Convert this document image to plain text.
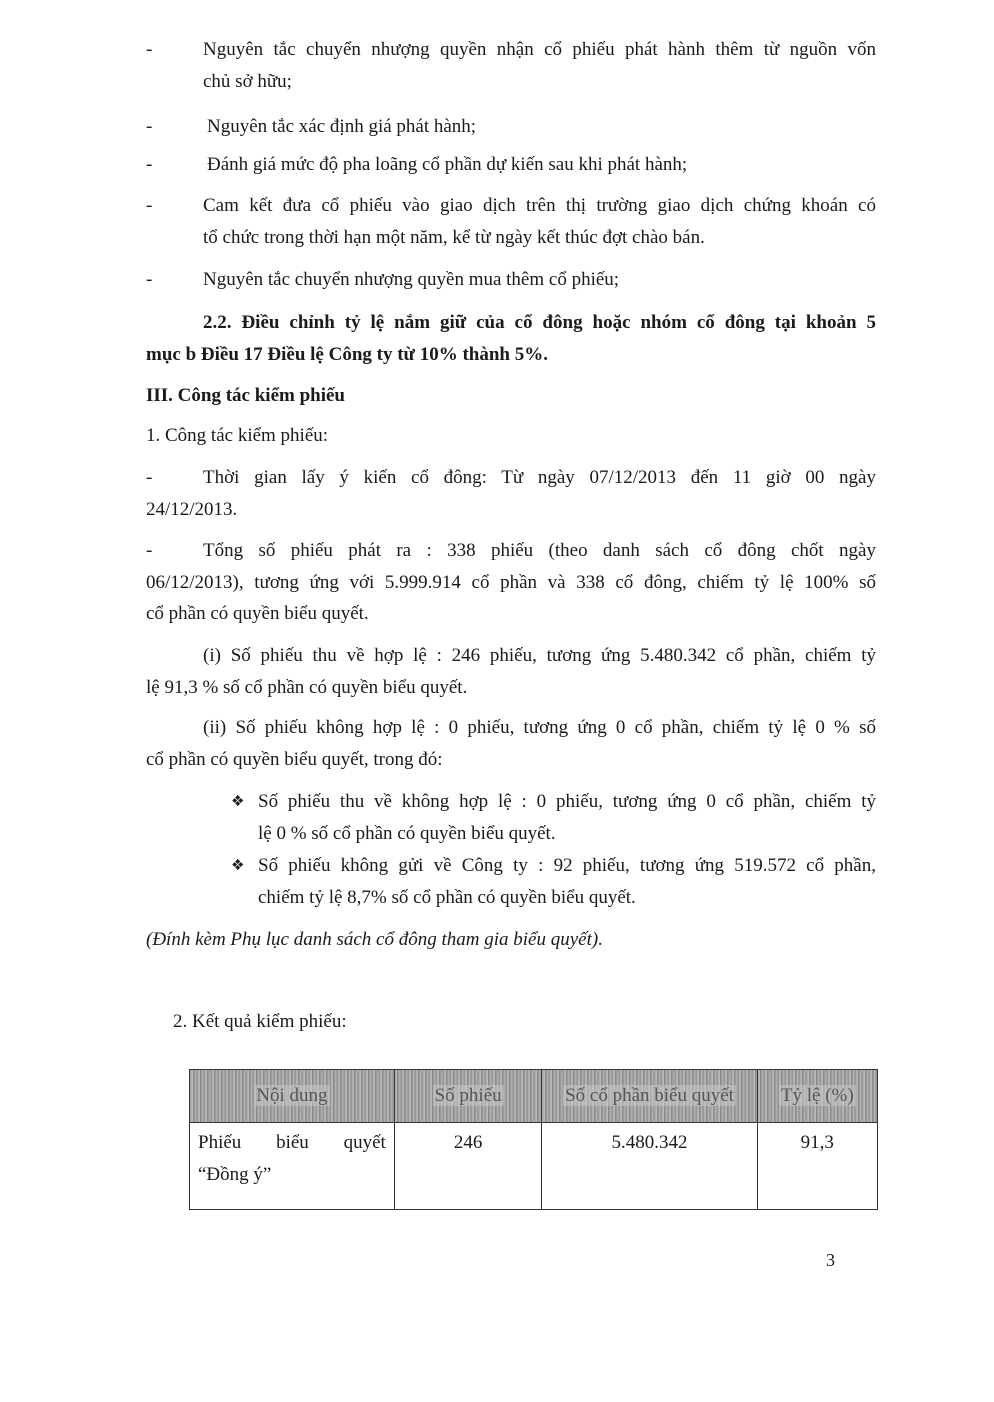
-	Nguyên tắc chuyển nhượng quyền nhận cổ phiếu phát hành thêm từ nguồn vốn
chủ sở hữu;
-	Nguyên tắc xác định giá phát hành;
-	Đánh giá mức độ pha loãng cổ phần dự kiến sau khi phát hành;
-	Cam kết đưa cổ phiếu vào giao dịch trên thị trường giao dịch chứng khoán có
tổ chức trong thời hạn một năm, kể từ ngày kết thúc đợt chào bán.
-	Nguyên tắc chuyển nhượng quyền mua thêm cổ phiếu;
2.2. Điều chỉnh tỷ lệ nắm giữ của cổ đông hoặc nhóm cổ đông tại khoản 5
mục b Điều 17 Điều lệ Công ty từ 10% thành 5%.
III. Công tác kiểm phiếu
1. Công tác kiểm phiếu:
-	Thời gian lấy ý kiến cổ đông: Từ ngày 07/12/2013 đến 11 giờ 00 ngày
24/12/2013.
-	Tổng số phiếu phát ra : 338 phiếu (theo danh sách cổ đông chốt ngày
06/12/2013), tương ứng với 5.999.914 cổ phần và 338 cổ đông, chiếm tỷ lệ 100% số
cổ phần có quyền biểu quyết.
(i) Số phiếu thu về hợp lệ : 246 phiếu, tương ứng 5.480.342 cổ phần, chiếm tỷ
lệ 91,3 % số cổ phần có quyền biểu quyết.
(ii) Số phiếu không hợp lệ : 0 phiếu, tương ứng 0 cổ phần, chiếm tỷ lệ 0 % số
cổ phần có quyền biểu quyết, trong đó:
❖ Số phiếu thu về không hợp lệ : 0 phiếu, tương ứng 0 cổ phần, chiếm tỷ
lệ 0 % số cổ phần có quyền biểu quyết.
❖ Số phiếu không gửi về Công ty : 92 phiếu, tương ứng 519.572 cổ phần,
chiếm tỷ lệ 8,7% số cổ phần có quyền biểu quyết.
(Đính kèm Phụ lục danh sách cổ đông tham gia biểu quyết).
2. Kết quả kiểm phiếu:
Nội dung	Số phiếu	Số cổ phần biểu quyết	Tỷ lệ (%)

Phiếu biểu quyết
“Đồng ý”	246	5.480.342	91,3
3
